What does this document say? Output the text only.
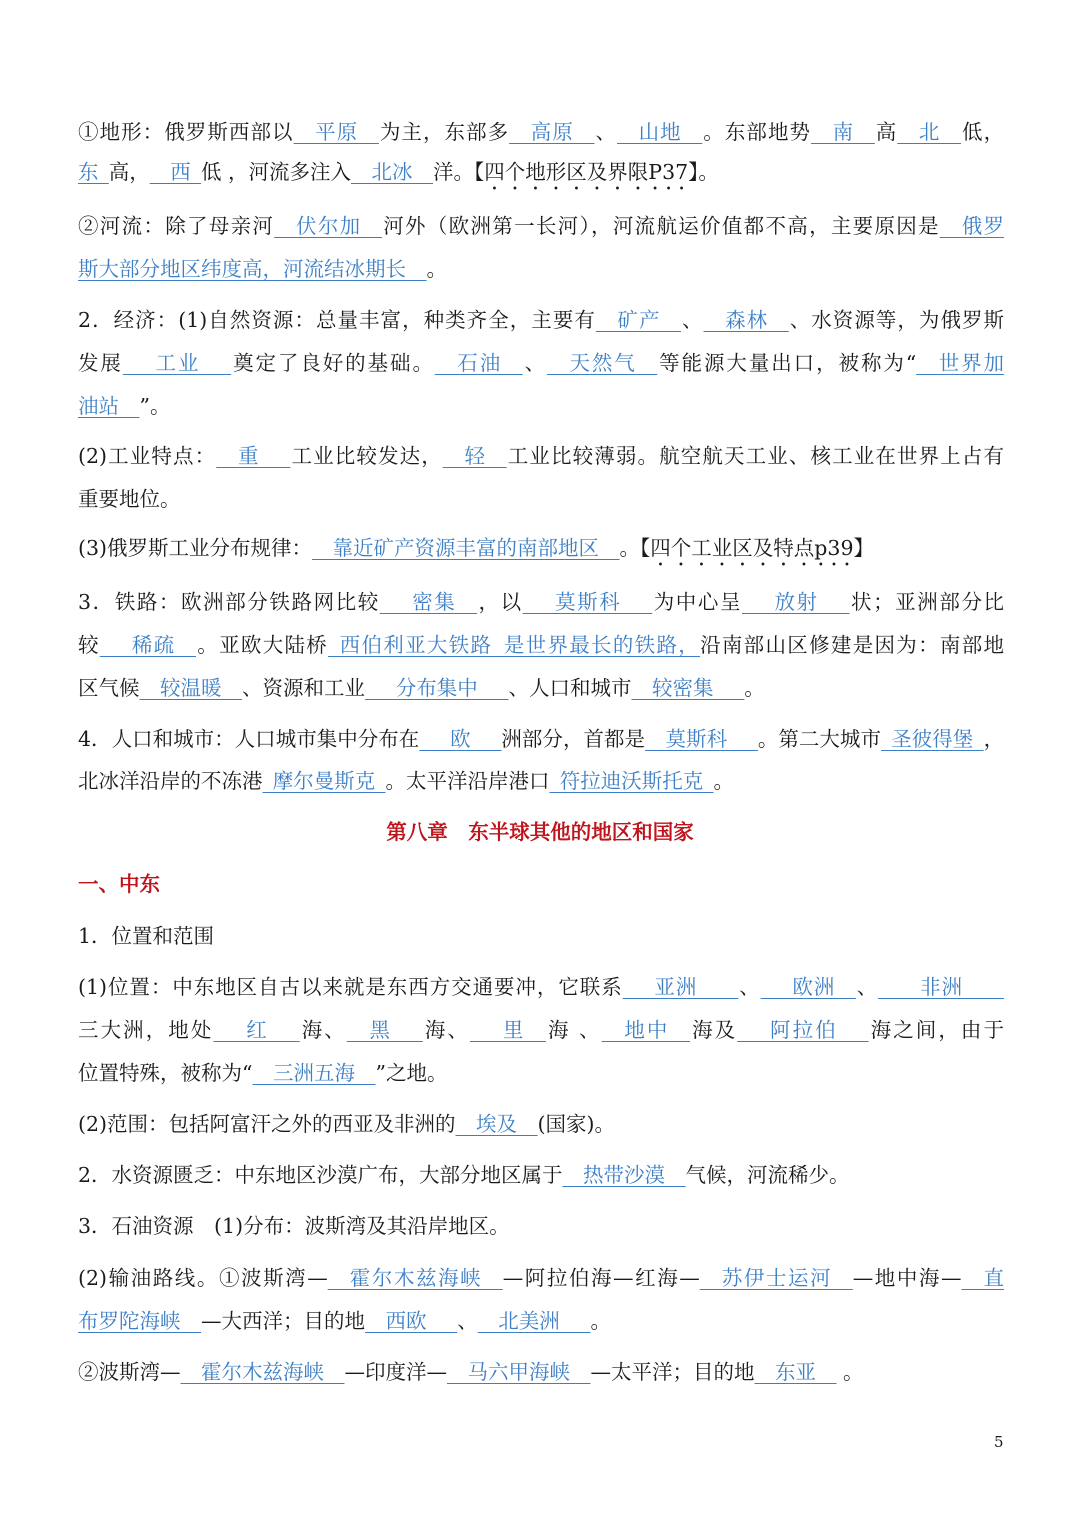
①地形：俄罗斯西部以__平原__为主，东部多__高原__、__山地__。东部地势__南__高__北__低，
东_高，__西_低 ，河流多注入__北冰__洋。【四个地形区及界限P37】。
②河流：除了母亲河__伏尔加__河外（欧洲第一长河），河流航运价值都不高，主要原因是__俄罗
斯大部分地区纬度高，河流结冰期长__。
2．经济：(1)自然资源：总量丰富，种类齐全，主要有__矿产__、__森林__、水资源等，为俄罗斯
发展___工业___奠定了良好的基础。__石油__、__天然气__等能源大量出口，被称为“__世界加
油站__”。
(2)工业特点：__重___工业比较发达，__轻__工业比较薄弱。航空航天工业、核工业在世界上占有
重要地位。
(3)俄罗斯工业分布规律：__靠近矿产资源丰富的南部地区__。【四个工业区及特点p39】
3．铁路：欧洲部分铁路网比较___密集__，以___莫斯科___为中心呈___放射___状；亚洲部分比
较___稀疏__。亚欧大陆桥_西伯利亚大铁路_是世界最长的铁路，沿南部山区修建是因为：南部地
区气候__较温暖__、资源和工业___分布集中___、人口和城市__较密集___。
4．人口和城市：人口城市集中分布在___欧___洲部分，首都是__莫斯科___。第二大城市_圣彼得堡_，
北冰洋沿岸的不冻港_摩尔曼斯克_。太平洋沿岸港口_符拉迪沃斯托克_。
1．位置和范围
(1)位置：中东地区自古以来就是东西方交通要冲，它联系___亚洲____、___欧洲__、____非洲____
三大洲，地处___红___海、__黑___海、___里__海 、__地中__海及___阿拉伯___海之间，由于
位置特殊，被称为“__三洲五海__”之地。
(2)范围：包括阿富汗之外的西亚及非洲的__埃及__(国家)。
2．水资源匮乏：中东地区沙漠广布，大部分地区属于__热带沙漠__气候，河流稀少。
3．石油资源　(1)分布：波斯湾及其沿岸地区。
(2)输油路线。①波斯湾—__霍尔木兹海峡__—阿拉伯海—红海—__苏伊士运河__—地中海—__直
布罗陀海峡__—大西洋；目的地__西欧___、__北美洲___。
②波斯湾—__霍尔木兹海峡__—印度洋—__马六甲海峡__—太平洋；目的地__东亚__ 。
第八章　东半球其他的地区和国家
一、中东
5
